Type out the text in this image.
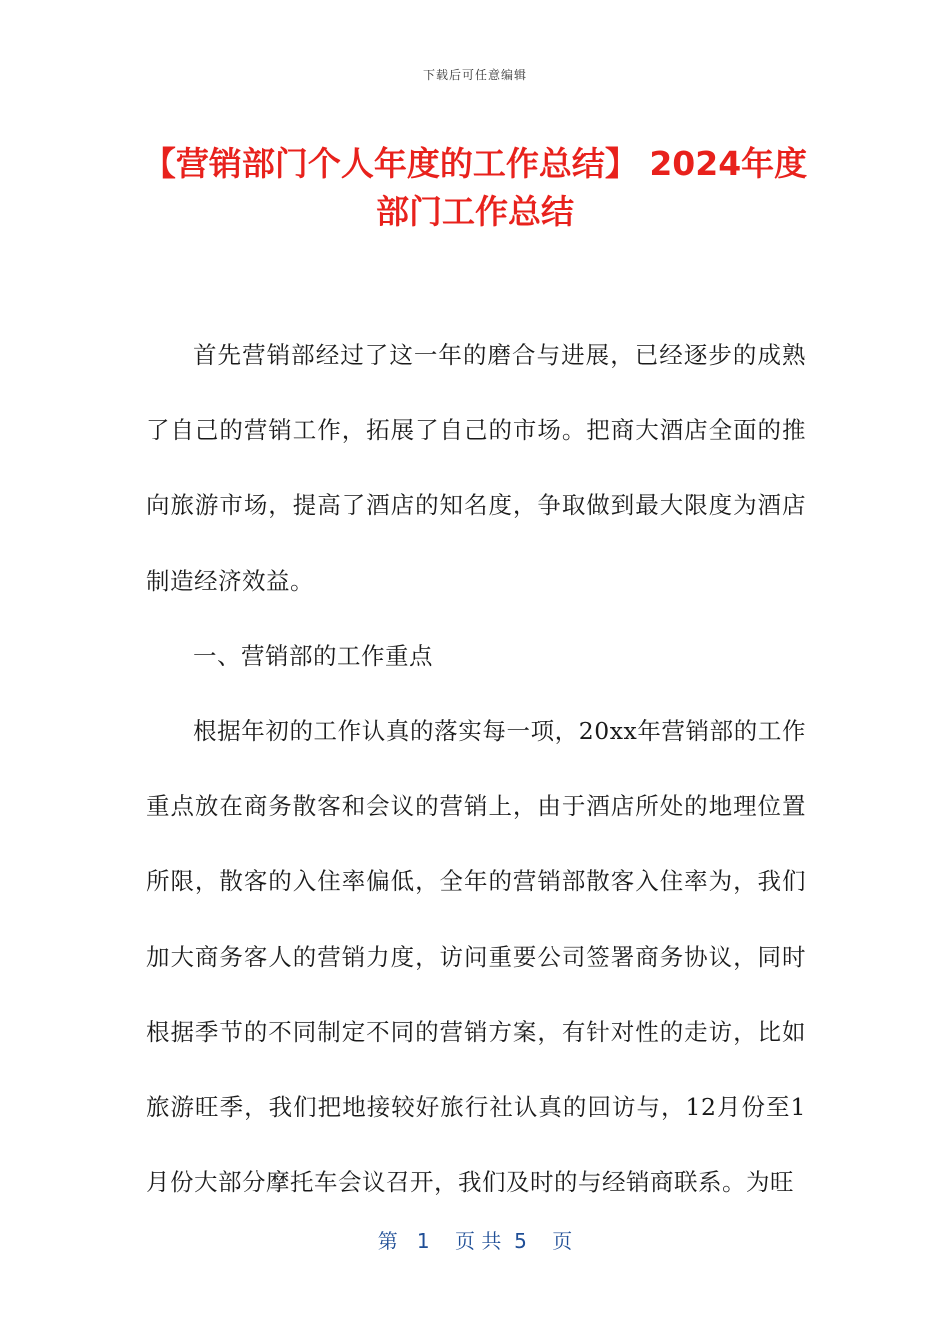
下载后可任意编辑
【营销部门个人年度的工作总结】 2024年度部门工作总结

首先营销部经过了这一年的磨合与进展，已经逐步的成熟了自己的营销工作，拓展了自己的市场。把商大酒店全面的推向旅游市场，提高了酒店的知名度，争取做到最大限度为酒店制造经济效益。

一、营销部的工作重点

根据年初的工作认真的落实每一项，20xx年营销部的工作重点放在商务散客和会议的营销上，由于酒店所处的地理位置所限，散客的入住率偏低，全年的营销部散客入住率为，我们加大商务客人的营销力度，访问重要公司签署商务协议，同时根据季节的不同制定不同的营销方案，有针对性的走访，比如旅游旺季，我们把地接较好旅行社认真的回访与，12月份至1月份大部分摩托车会议召开，我们及时的与经销商联系。为旺

第   1    页 共  5    页
